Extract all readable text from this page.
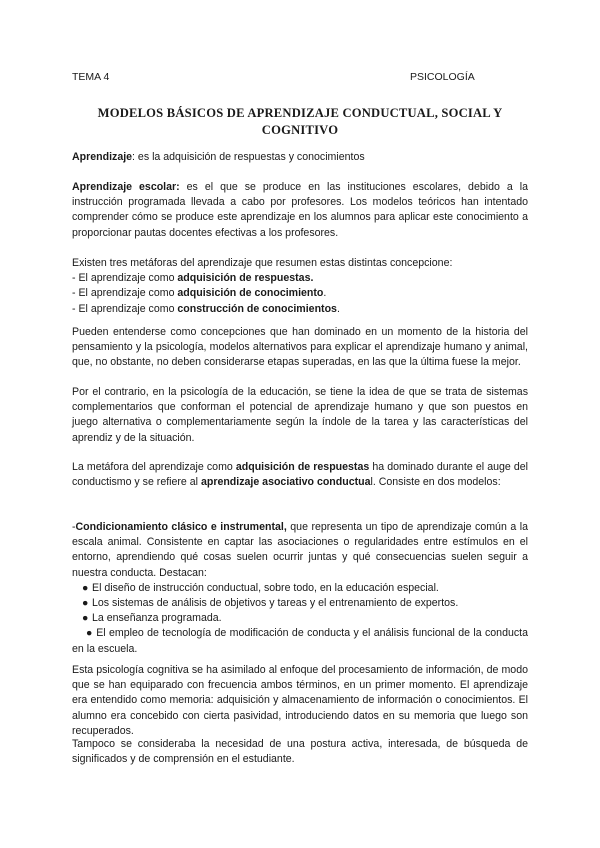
TEMA 4	PSICOLOGÍA
MODELOS BÁSICOS DE APRENDIZAJE CONDUCTUAL, SOCIAL Y
COGNITIVO
Aprendizaje: es la adquisición de respuestas y conocimientos
Aprendizaje escolar: es el que se produce en las instituciones escolares, debido a la instrucción programada llevada a cabo por profesores. Los modelos teóricos han intentado comprender cómo se produce este aprendizaje en los alumnos para aplicar este conocimiento a proporcionar pautas docentes efectivas a los profesores.

Existen tres metáforas del aprendizaje que resumen estas distintas concepcione:

- El aprendizaje como adquisición de respuestas.

- El aprendizaje como adquisición de conocimiento.

- El aprendizaje como construcción de conocimientos.

Pueden entenderse como concepciones que han dominado en un momento de la historia del pensamiento y la psicología, modelos alternativos para explicar el aprendizaje humano y animal, que, no obstante, no deben considerarse etapas superadas, en las que la última fuese la mejor.
Por el contrario, en la psicología de la educación, se tiene la idea de que se trata de sistemas complementarios que conforman el potencial de aprendizaje humano y que son puestos en juego alternativa o complementariamente según la índole de la tarea y las características del aprendiz y de la situación.
La metáfora del aprendizaje como adquisición de respuestas ha dominado durante el auge del conductismo y se refiere al aprendizaje asociativo conductual. Consiste en dos modelos:

-Condicionamiento clásico e instrumental, que representa un tipo de aprendizaje común a la escala animal. Consistente en captar las asociaciones o regularidades entre estímulos en el entorno, aprendiendo qué cosas suelen ocurrir juntas y qué consecuencias suelen seguir a nuestra conducta. Destacan:

● El diseño de instrucción conductual, sobre todo, en la educación especial.

● Los sistemas de análisis de objetivos y tareas y el entrenamiento de expertos.

● La enseñanza programada.

● El empleo de tecnología de modificación de conducta y el análisis funcional de la conducta en la escuela.

Esta psicología cognitiva se ha asimilado al enfoque del procesamiento de información, de modo que se han equiparado con frecuencia ambos términos, en un primer momento. El aprendizaje era entendido como memoria: adquisición y almacenamiento de información o conocimientos. El alumno era concebido con cierta pasividad, introduciendo datos en su memoria que luego son recuperados.
Tampoco se consideraba la necesidad de una postura activa, interesada, de búsqueda de significados y de comprensión en el estudiante.
